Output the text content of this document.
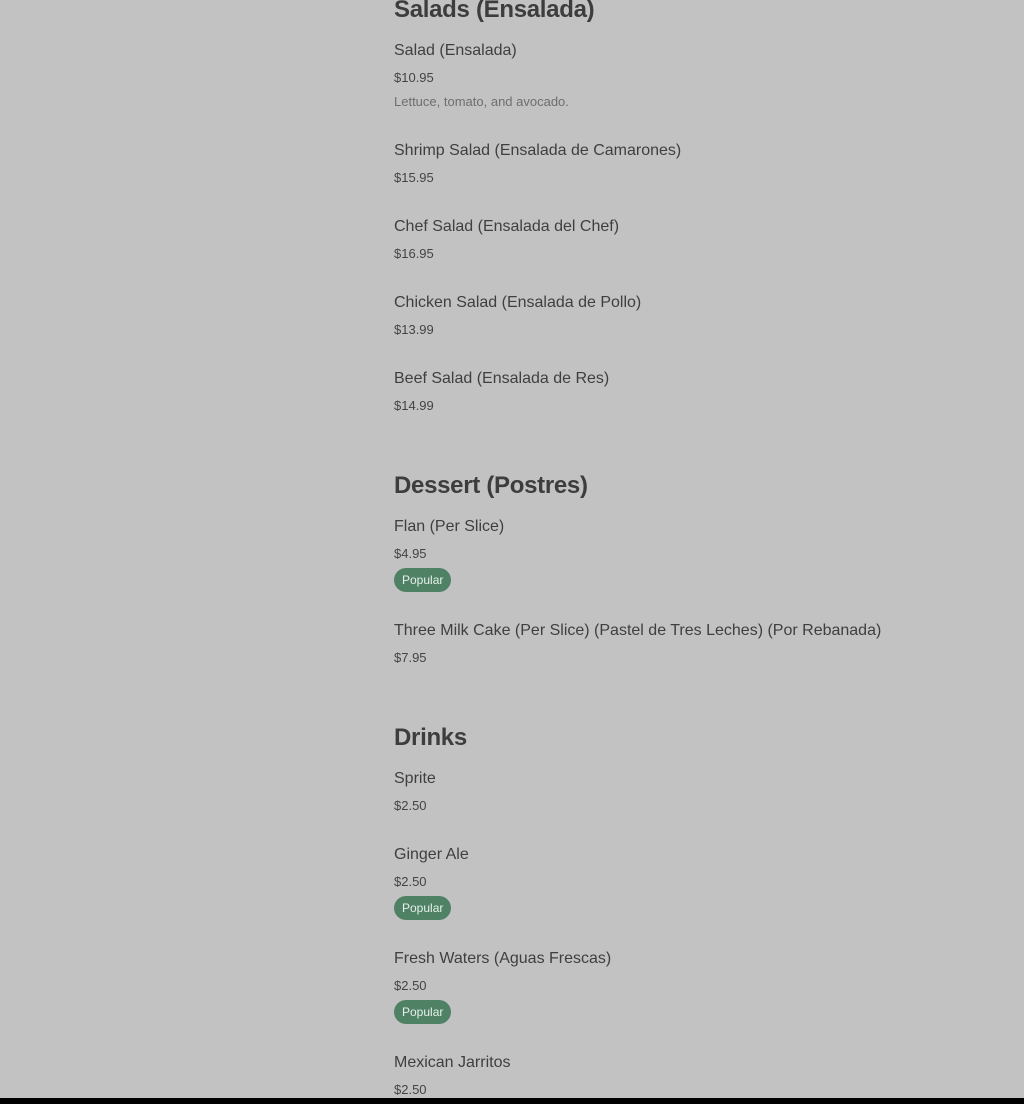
Salads (Ensalada)

Salad (Ensalada)

$10.95

Lettuce, tomato, and avocado.

Shrimp Salad (Ensalada de Camarones)

$15.95

Chef Salad (Ensalada del Chef)

$16.95

Chicken Salad (Ensalada de Pollo)

$13.99

Beef Salad (Ensalada de Res)

$14.99

Dessert (Postres)

Flan (Per Slice)

$4.95

Popular

Three Milk Cake (Per Slice) (Pastel de Tres Leches) (Por Rebanada)

$7.95

Drinks

Sprite

$2.50

Ginger Ale

$2.50

Popular

Fresh Waters (Aguas Frescas)

$2.50

Popular

Mexican Jarritos

$2.50
